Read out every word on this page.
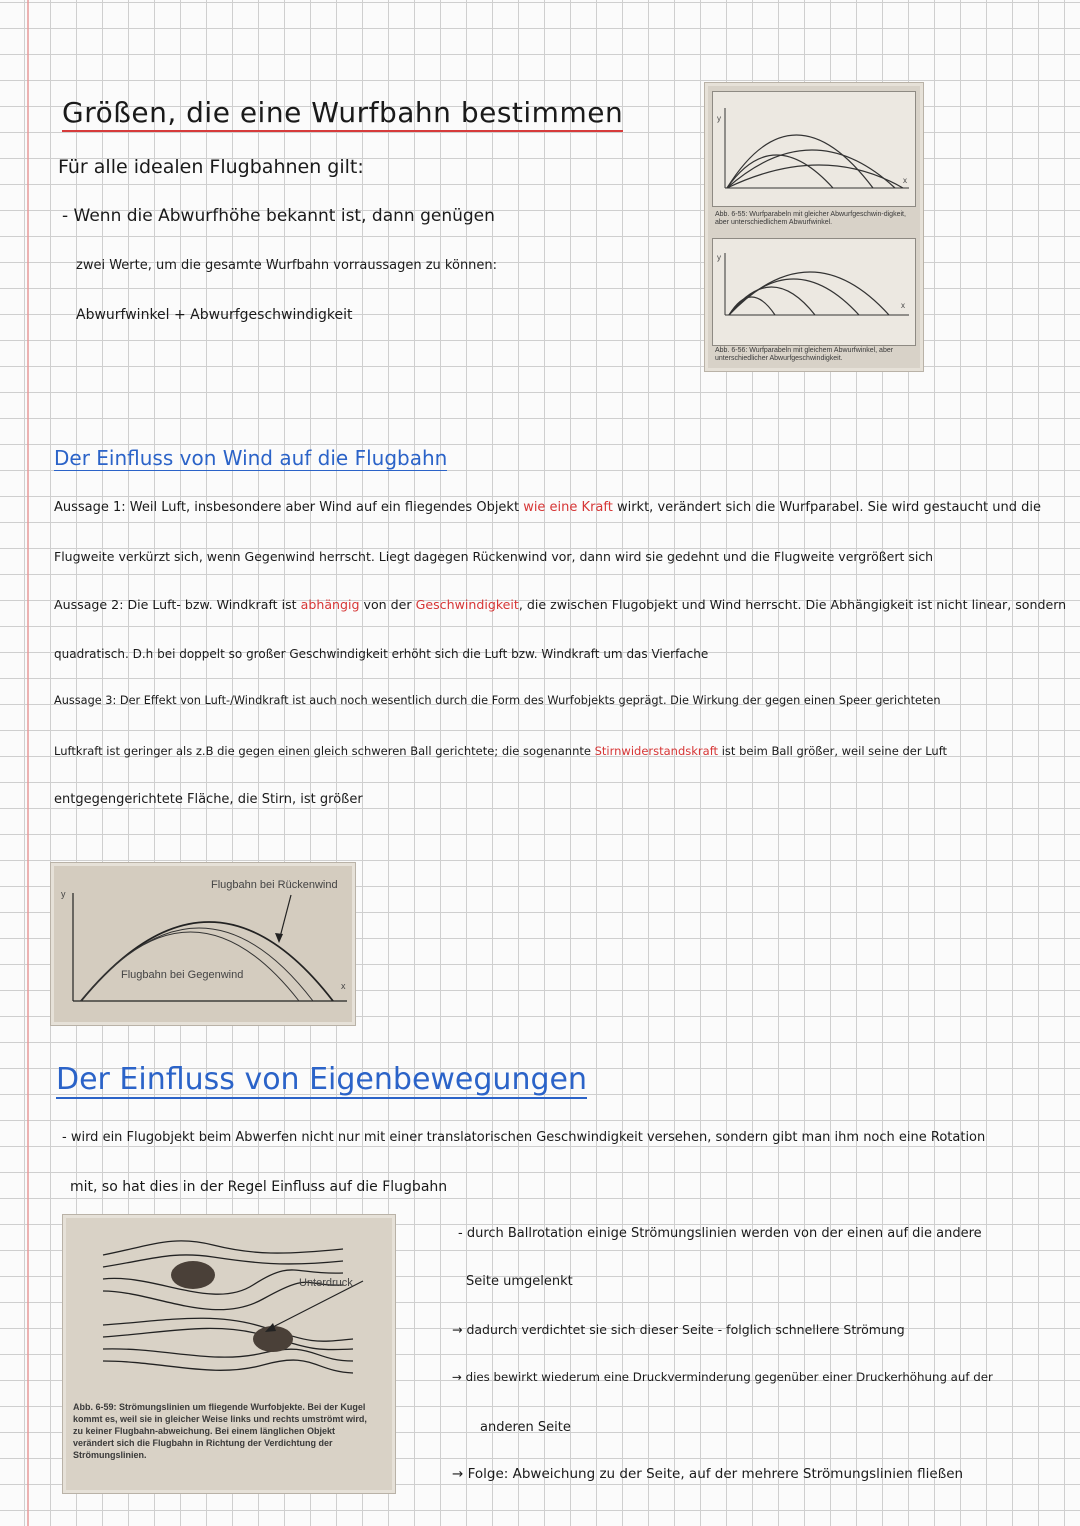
Größen, die eine Wurfbahn bestimmen
Für alle idealen Flugbahnen gilt:
- Wenn die Abwurfhöhe bekannt ist, dann genügen
zwei Werte, um die gesamte Wurfbahn vorraussagen zu können:
Abwurfwinkel + Abwurfgeschwindigkeit
y
x
Abb. 6-55: Wurfparabeln mit gleicher Abwurfgeschwin-digkeit, aber unterschiedlichem Abwurfwinkel.
y
x
Abb. 6-56: Wurfparabeln mit gleichem Abwurfwinkel, aber unterschiedlicher Abwurfgeschwindigkeit.
Der Einfluss von Wind auf die Flugbahn
Aussage 1: Weil Luft, insbesondere aber Wind auf ein fliegendes Objekt wie eine Kraft wirkt, verändert sich die Wurfparabel. Sie wird gestaucht und die
Flugweite verkürzt sich, wenn Gegenwind herrscht. Liegt dagegen Rückenwind vor, dann wird sie gedehnt und die Flugweite vergrößert sich
Aussage 2: Die Luft- bzw. Windkraft ist abhängig von der Geschwindigkeit, die zwischen Flugobjekt und Wind herrscht. Die Abhängigkeit ist nicht linear, sondern
quadratisch. D.h bei doppelt so großer Geschwindigkeit erhöht sich die Luft bzw. Windkraft um das Vierfache
Aussage 3: Der Effekt von Luft-/Windkraft ist auch noch wesentlich durch die Form des Wurfobjekts geprägt. Die Wirkung der gegen einen Speer gerichteten
Luftkraft ist geringer als z.B die gegen einen gleich schweren Ball gerichtete; die sogenannte Stirnwiderstandskraft ist beim Ball größer, weil seine der Luft
entgegengerichtete Fläche, die Stirn, ist größer
Flugbahn bei Rückenwind
Flugbahn bei Gegenwind
y
x
Der Einfluss von Eigenbewegungen
- wird ein Flugobjekt beim Abwerfen nicht nur mit einer translatorischen Geschwindigkeit versehen, sondern gibt man ihm noch eine Rotation
mit, so hat dies in der Regel Einfluss auf die Flugbahn
Unterdruck
Abb. 6-59: Strömungslinien um fliegende Wurfobjekte. Bei der Kugel kommt es, weil sie in gleicher Weise links und rechts umströmt wird, zu keiner Flugbahn-abweichung. Bei einem länglichen Objekt verändert sich die Flugbahn in Richtung der Verdichtung der Strömungslinien.
- durch Ballrotation einige Strömungslinien werden von der einen auf die andere
Seite umgelenkt
→ dadurch verdichtet sie sich dieser Seite - folglich schnellere Strömung
→ dies bewirkt wiederum eine Druckverminderung gegenüber einer Druckerhöhung auf der
anderen Seite
→ Folge: Abweichung zu der Seite, auf der mehrere Strömungslinien fließen
